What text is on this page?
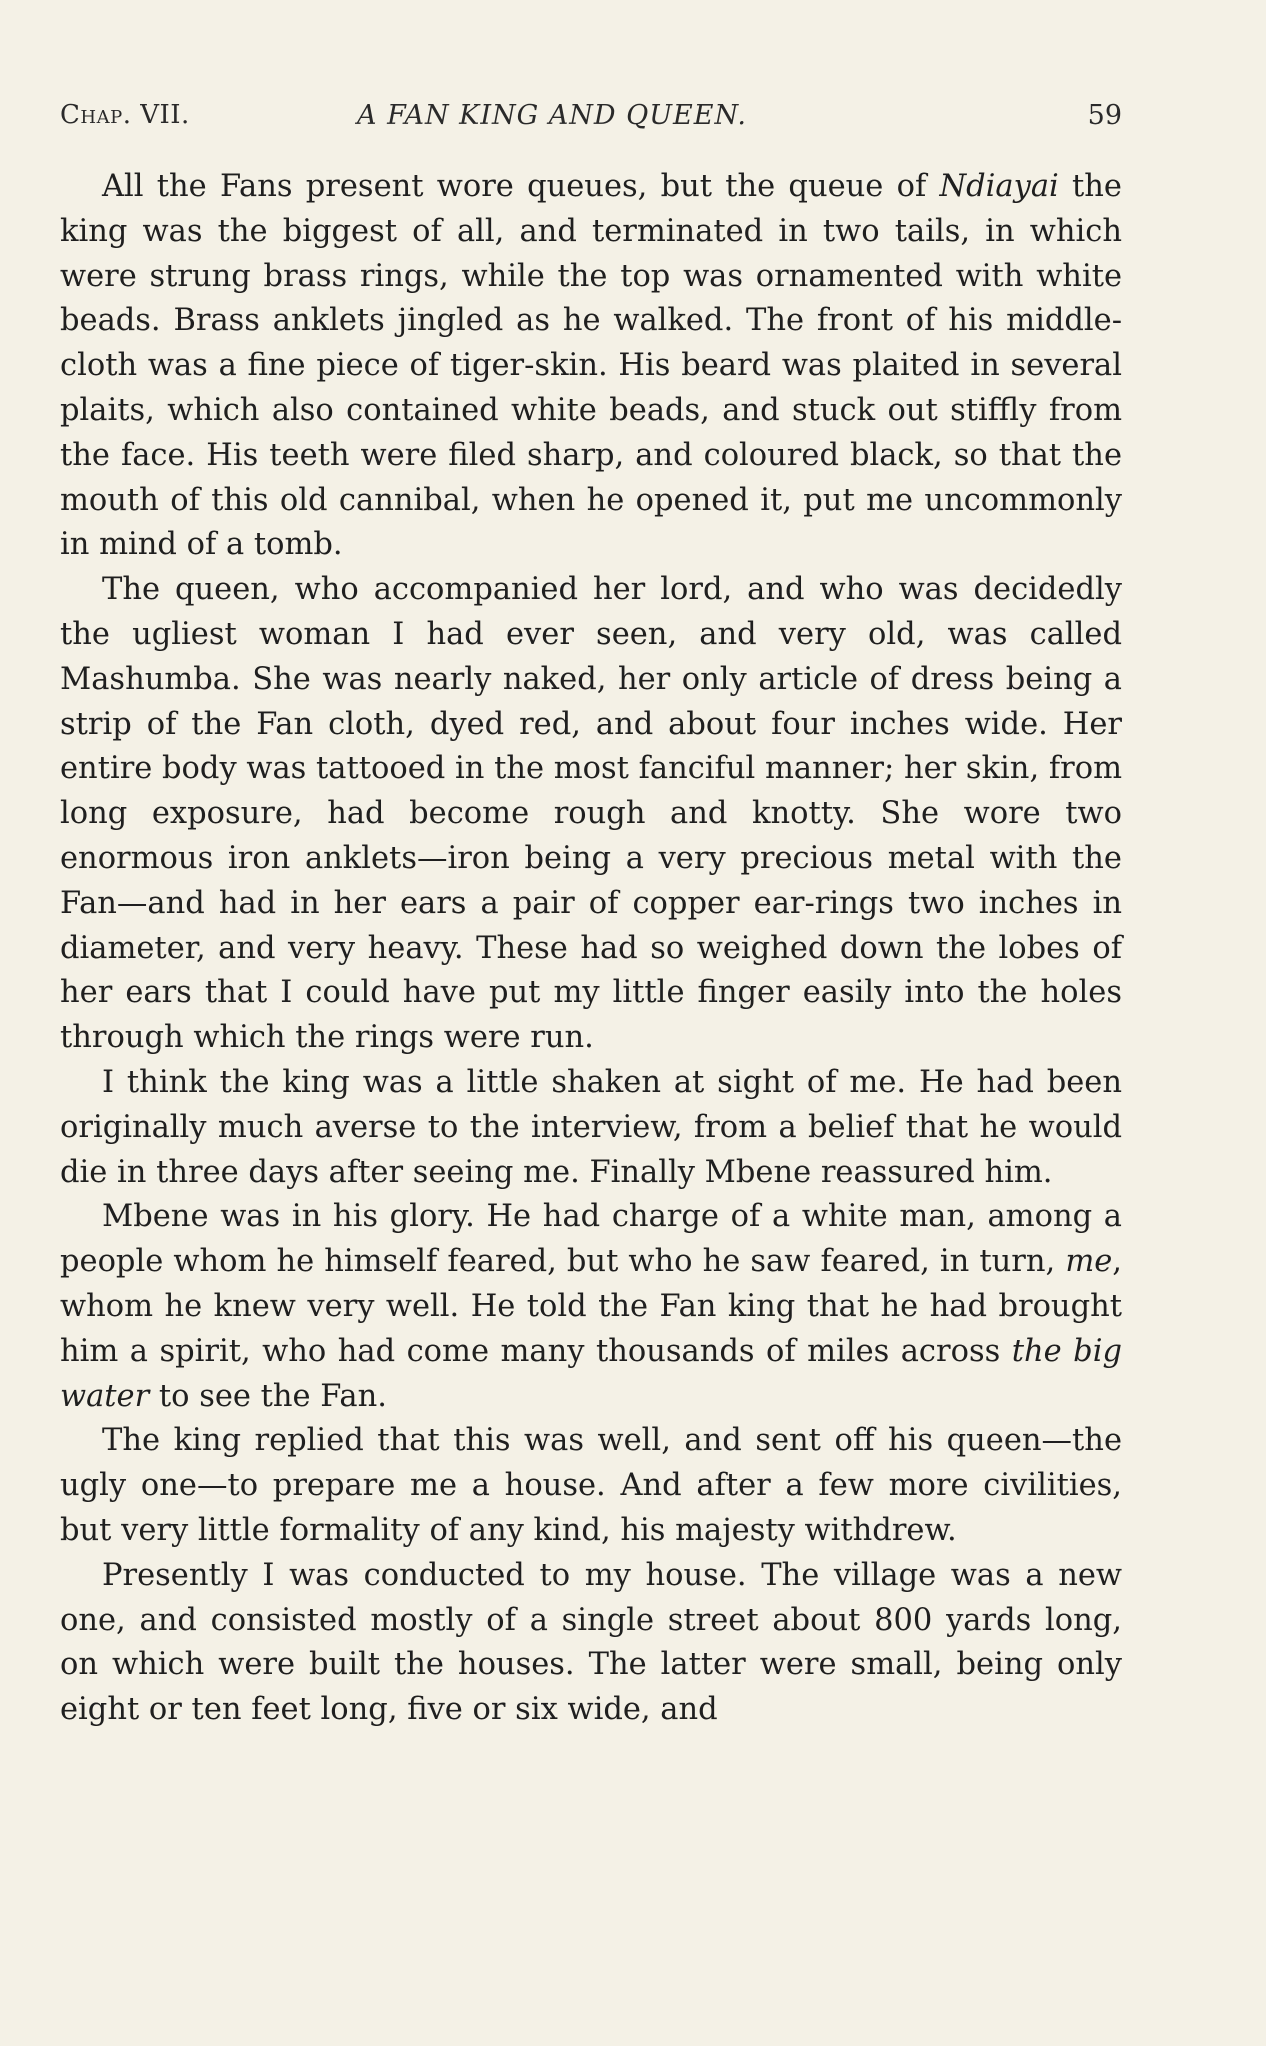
Chap. VII.	A FAN KING AND QUEEN.	59

All the Fans present wore queues, but the queue of Ndiayai the king was the biggest of all, and terminated in two tails, in which were strung brass rings, while the top was ornamented with white beads. Brass anklets jingled as he walked. The front of his middle-cloth was a fine piece of tiger-skin. His beard was plaited in several plaits, which also contained white beads, and stuck out stiffly from the face. His teeth were filed sharp, and coloured black, so that the mouth of this old cannibal, when he opened it, put me uncommonly in mind of a tomb.

The queen, who accompanied her lord, and who was decidedly the ugliest woman I had ever seen, and very old, was called Mashumba. She was nearly naked, her only article of dress being a strip of the Fan cloth, dyed red, and about four inches wide. Her entire body was tattooed in the most fanciful manner; her skin, from long exposure, had become rough and knotty. She wore two enormous iron anklets—iron being a very precious metal with the Fan—and had in her ears a pair of copper ear-rings two inches in diameter, and very heavy. These had so weighed down the lobes of her ears that I could have put my little finger easily into the holes through which the rings were run.

I think the king was a little shaken at sight of me. He had been originally much averse to the interview, from a belief that he would die in three days after seeing me. Finally Mbene reassured him.

Mbene was in his glory. He had charge of a white man, among a people whom he himself feared, but who he saw feared, in turn, me, whom he knew very well. He told the Fan king that he had brought him a spirit, who had come many thousands of miles across the big water to see the Fan.

The king replied that this was well, and sent off his queen—the ugly one—to prepare me a house. And after a few more civilities, but very little formality of any kind, his majesty withdrew.

Presently I was conducted to my house. The village was a new one, and consisted mostly of a single street about 800 yards long, on which were built the houses. The latter were small, being only eight or ten feet long, five or six wide, and
